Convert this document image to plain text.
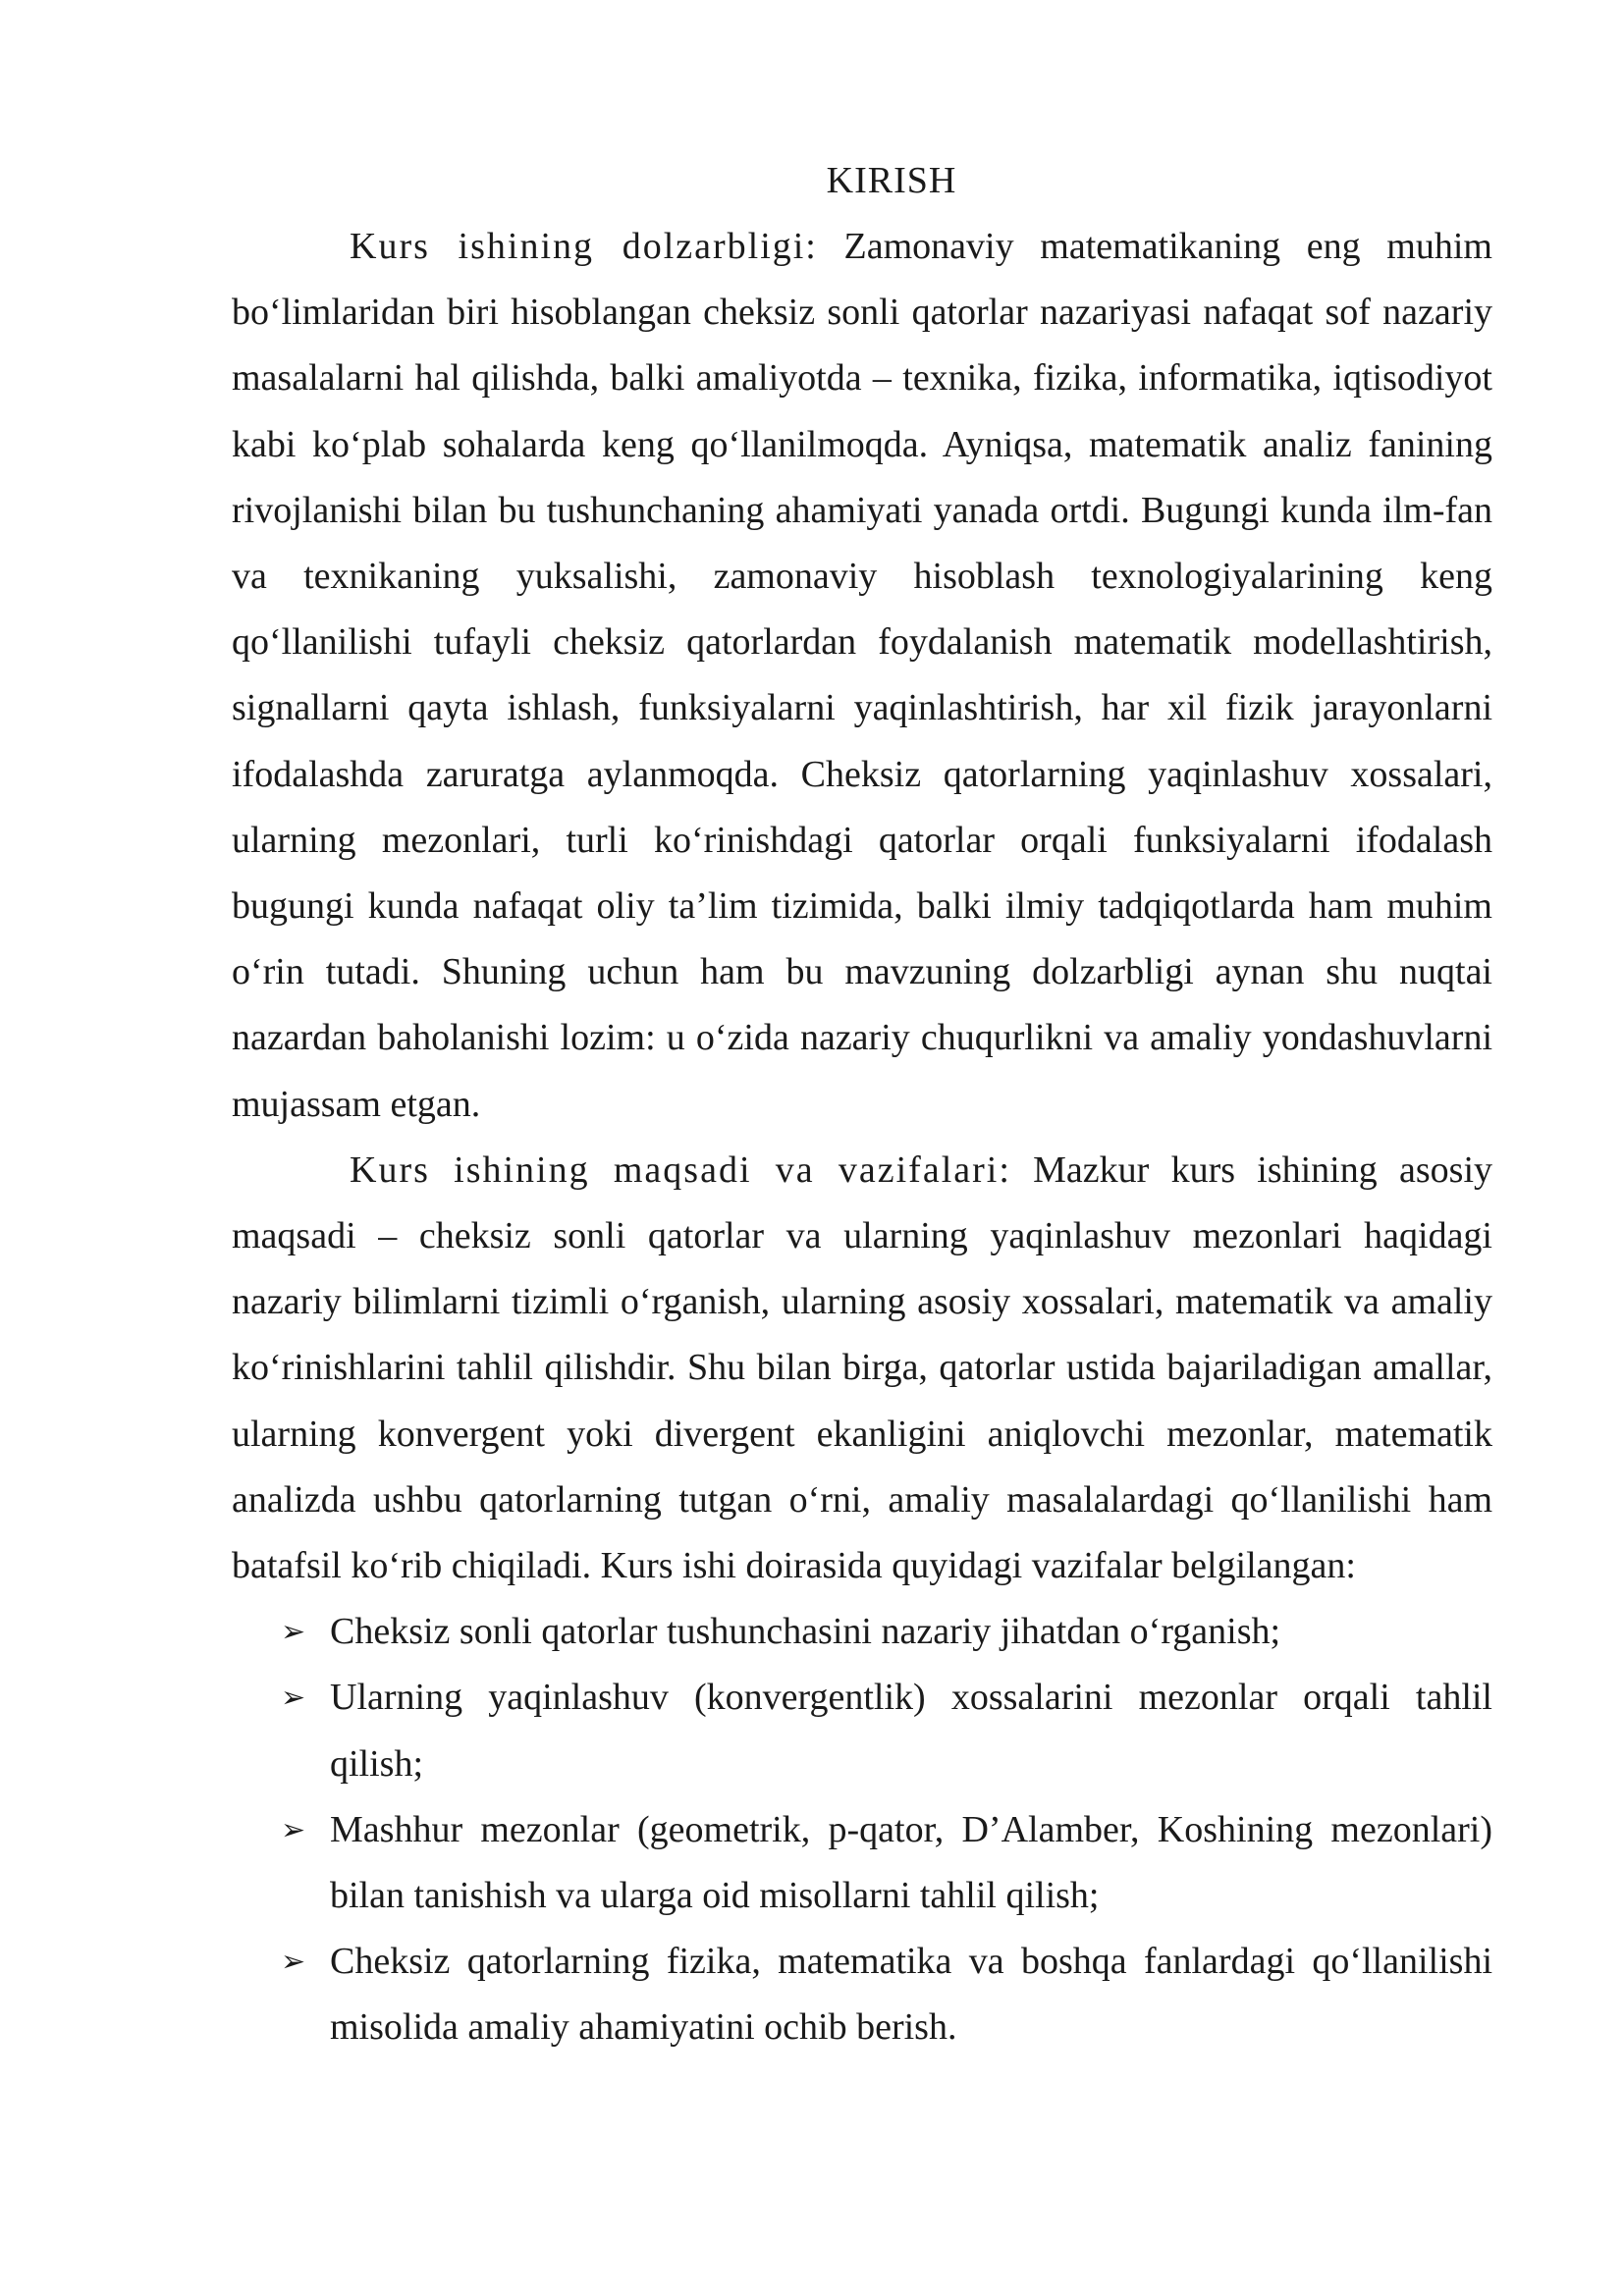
KIRISH

Kurs ishining dolzarbligi: Zamonaviy matematikaning eng muhim bo‘limlaridan biri hisoblangan cheksiz sonli qatorlar nazariyasi nafaqat sof nazariy masalalarni hal qilishda, balki amaliyotda – texnika, fizika, informatika, iqtisodiyot kabi ko‘plab sohalarda keng qo‘llanilmoqda. Ayniqsa, matematik analiz fanining rivojlanishi bilan bu tushunchaning ahamiyati yanada ortdi. Bugungi kunda ilm-fan va texnikaning yuksalishi, zamonaviy hisoblash texnologiyalarining keng qo‘llanilishi tufayli cheksiz qatorlardan foydalanish matematik modellashtirish, signallarni qayta ishlash, funksiyalarni yaqinlashtirish, har xil fizik jarayonlarni ifodalashda zaruratga aylanmoqda. Cheksiz qatorlarning yaqinlashuv xossalari, ularning mezonlari, turli ko‘rinishdagi qatorlar orqali funksiyalarni ifodalash bugungi kunda nafaqat oliy ta’lim tizimida, balki ilmiy tadqiqotlarda ham muhim o‘rin tutadi. Shuning uchun ham bu mavzuning dolzarbligi aynan shu nuqtai nazardan baholanishi lozim: u o‘zida nazariy chuqurlikni va amaliy yondashuvlarni mujassam etgan.

Kurs ishining maqsadi va vazifalari: Mazkur kurs ishining asosiy maqsadi – cheksiz sonli qatorlar va ularning yaqinlashuv mezonlari haqidagi nazariy bilimlarni tizimli o‘rganish, ularning asosiy xossalari, matematik va amaliy ko‘rinishlarini tahlil qilishdir. Shu bilan birga, qatorlar ustida bajariladigan amallar, ularning konvergent yoki divergent ekanligini aniqlovchi mezonlar, matematik analizda ushbu qatorlarning tutgan o‘rni, amaliy masalalardagi qo‘llanilishi ham batafsil ko‘rib chiqiladi. Kurs ishi doirasida quyidagi vazifalar belgilangan:

➢ Cheksiz sonli qatorlar tushunchasini nazariy jihatdan o‘rganish;
➢ Ularning yaqinlashuv (konvergentlik) xossalarini mezonlar orqali tahlil qilish;
➢ Mashhur mezonlar (geometrik, p-qator, D’Alamber, Koshining mezonlari) bilan tanishish va ularga oid misollarni tahlil qilish;
➢ Cheksiz qatorlarning fizika, matematika va boshqa fanlardagi qo‘llanilishi misolida amaliy ahamiyatini ochib berish.
